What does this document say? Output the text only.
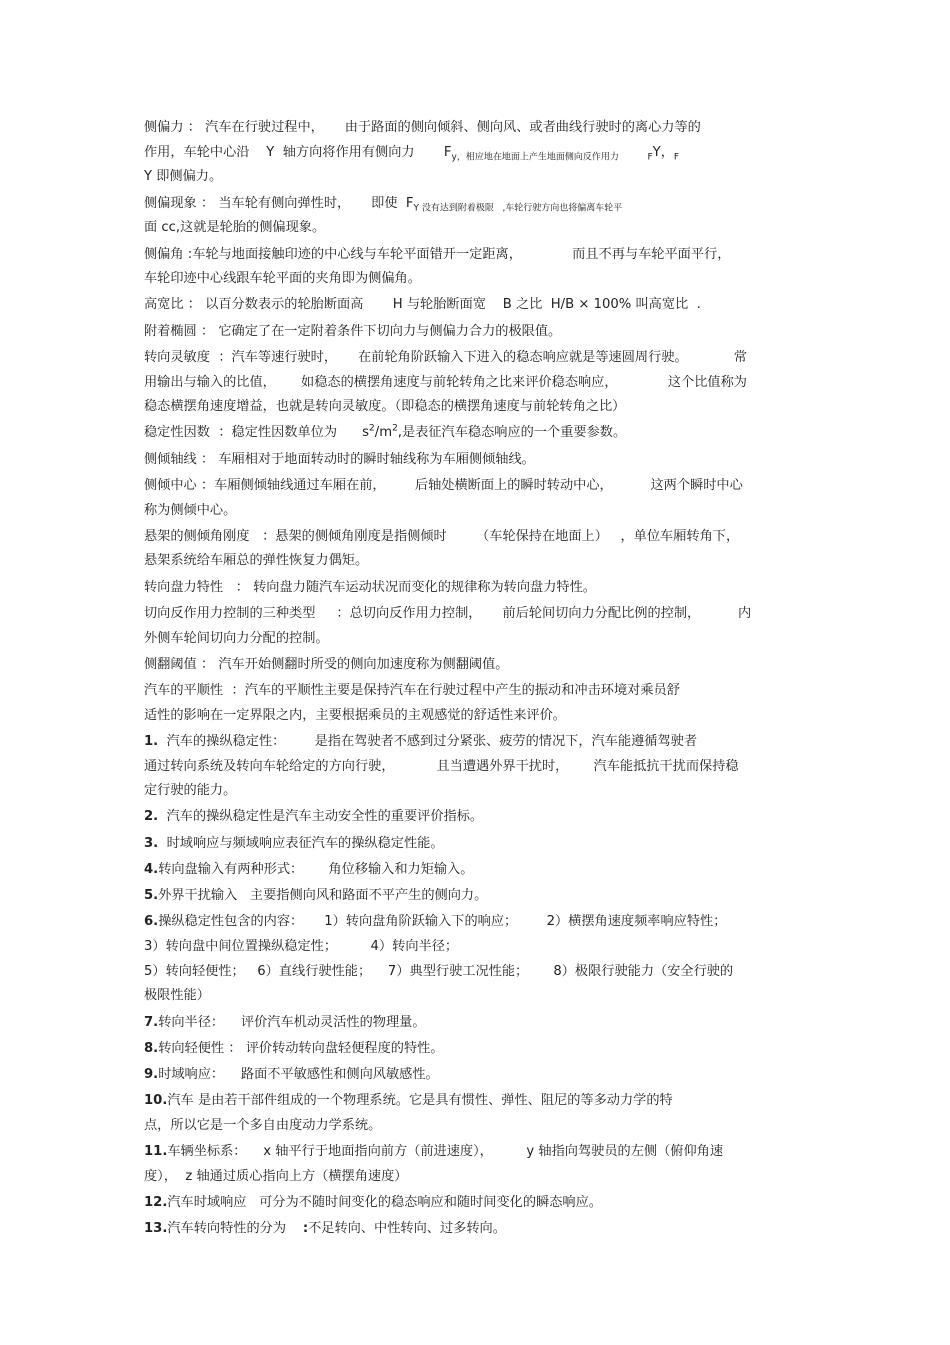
侧偏力 ： 汽车在行驶过程中，     由于路面的侧向倾斜、侧向风、或者曲线行驶时的离心力等的
作用，车轮中心沿    Y  轴方向将作用有侧向力       $F_{y,相应地在地面上产生地面侧向反作用力 F}Y$，$_F$
Y 即侧偏力。

侧偏现象 ： 当车轮有侧向弹性时，     即使  $F_{Y 没有达到附着极限 ,车轮行驶方向也将偏离车轮平}$
面 cc,这就是轮胎的侧偏现象。

侧偏角 :车轮与地面接触印迹的中心线与车轮平面错开一定距离，            而且不再与车轮平面平行，
车轮印迹中心线跟车轮平面的夹角即为侧偏角。

高宽比 ： 以百分数表示的轮胎断面高       H 与轮胎断面宽    B 之比  H/B × 100% 叫高宽比  .

附着椭圆 ： 它确定了在一定附着条件下切向力与侧偏力合力的极限值。

转向灵敏度  ：汽车等速行驶时，     在前轮角阶跃输入下进入的稳态响应就是等速圆周行驶。           常
用输出与输入的比值，      如稳态的横摆角速度与前轮转角之比来评价稳态响应，            这个比值称为
稳态横摆角速度增益，也就是转向灵敏度。（即稳态的横摆角速度与前轮转角之比）

稳定性因数  ：稳定性因数单位为      $s^2/m^2$,是表征汽车稳态响应的一个重要参数。

侧倾轴线 ： 车厢相对于地面转动时的瞬时轴线称为车厢侧倾轴线。

侧倾中心 ：车厢侧倾轴线通过车厢在前，       后轴处横断面上的瞬时转动中心，         这两个瞬时中心
称为侧倾中心。

悬架的侧倾角刚度   ：悬架的侧倾角刚度是指侧倾时       （车轮保持在地面上）   ，单位车厢转角下，
悬架系统给车厢总的弹性恢复力偶矩。

转向盘力特性   ： 转向盘力随汽车运动状况而变化的规律称为转向盘力特性。

切向反作用力控制的三种类型     ：总切向反作用力控制，     前后轮间切向力分配比例的控制，         内
外侧车轮间切向力分配的控制。

侧翻阈值 ： 汽车开始侧翻时所受的侧向加速度称为侧翻阈值。

汽车的平顺性  ：汽车的平顺性主要是保持汽车在行驶过程中产生的振动和冲击环境对乘员舒
适性的影响在一定界限之内，主要根据乘员的主观感觉的舒适性来评价。

1.  汽车的操纵稳定性：       是指在驾驶者不感到过分紧张、疲劳的情况下，汽车能遵循驾驶者
通过转向系统及转向车轮给定的方向行驶，          且当遭遇外界干扰时，      汽车能抵抗干扰而保持稳
定行驶的能力。

2.  汽车的操纵稳定性是汽车主动安全性的重要评价指标。

3.  时域响应与频域响应表征汽车的操纵稳定性能。

4.转向盘输入有两种形式：      角位移输入和力矩输入。

5.外界干扰输入   主要指侧向风和路面不平产生的侧向力。

6.操纵稳定性包含的内容：     1）转向盘角阶跃输入下的响应；       2）横摆角速度频率响应特性；
3）转向盘中间位置操纵稳定性；        4）转向半径；
5）转向轻便性；   6）直线行驶性能；    7）典型行驶工况性能；      8）极限行驶能力（安全行驶的
极限性能）

7.转向半径：    评价汽车机动灵活性的物理量。

8.转向轻便性 ： 评价转动转向盘轻便程度的特性。

9.时域响应：    路面不平敏感性和侧向风敏感性。

10.汽车 是由若干部件组成的一个物理系统。它是具有惯性、弹性、阻尼的等多动力学的特
点，所以它是一个多自由度动力学系统。

11.车辆坐标系：    x 轴平行于地面指向前方（前进速度），        y 轴指向驾驶员的左侧（俯仰角速
度），  z 轴通过质心指向上方（横摆角速度）

12.汽车时域响应   可分为不随时间变化的稳态响应和随时间变化的瞬态响应。

13.汽车转向特性的分为    :不足转向、中性转向、过多转向。
